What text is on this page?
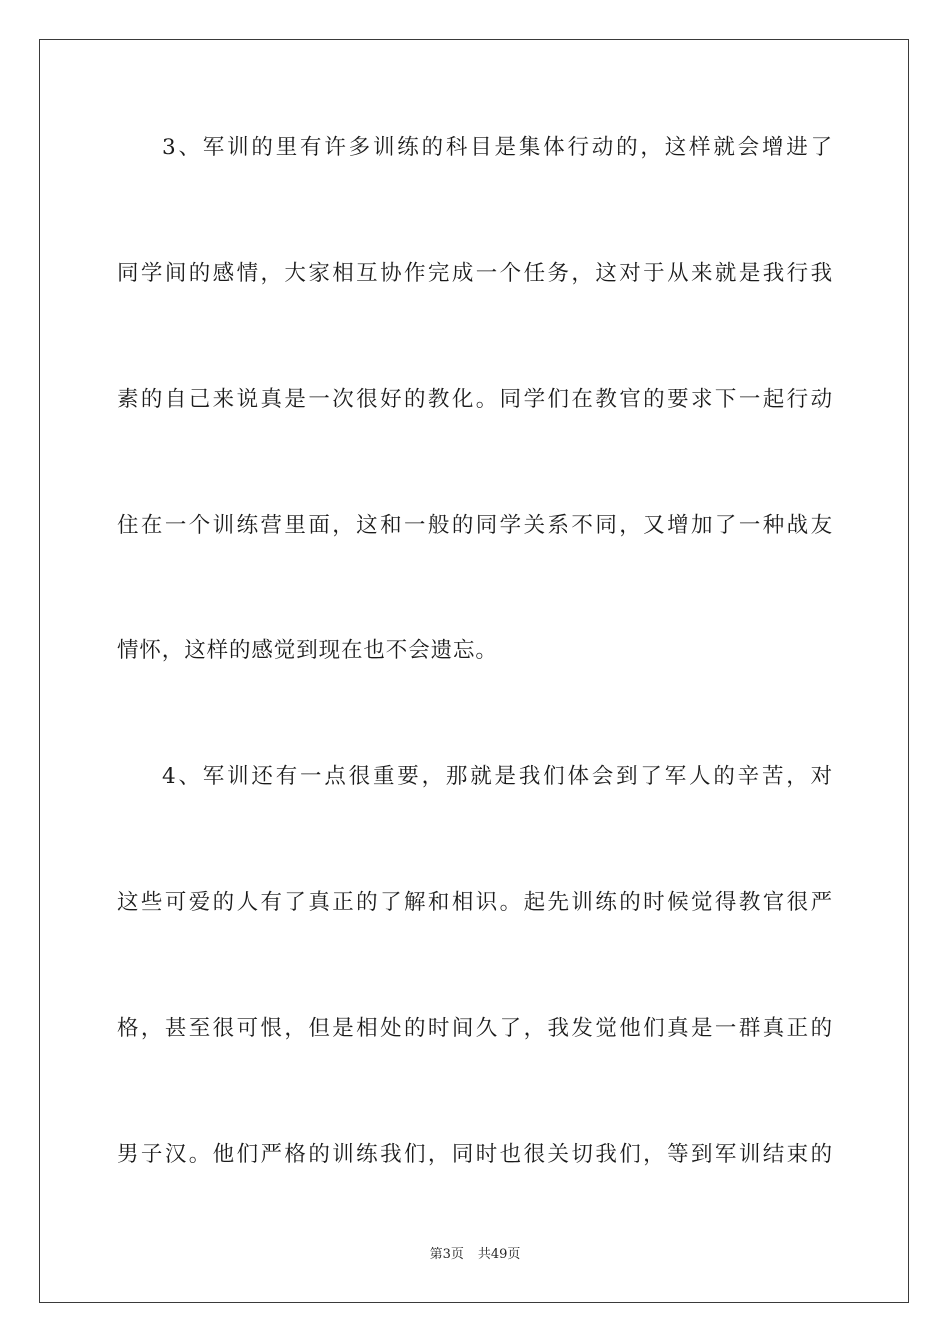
3、军训的里有许多训练的科目是集体行动的，这样就会增进了
同学间的感情，大家相互协作完成一个任务，这对于从来就是我行我
素的自己来说真是一次很好的教化。同学们在教官的要求下一起行动
住在一个训练营里面，这和一般的同学关系不同，又增加了一种战友
情怀，这样的感觉到现在也不会遗忘。
4、军训还有一点很重要，那就是我们体会到了军人的辛苦，对
这些可爱的人有了真正的了解和相识。起先训练的时候觉得教官很严
格，甚至很可恨，但是相处的时间久了，我发觉他们真是一群真正的
男子汉。他们严格的训练我们，同时也很关切我们，等到军训结束的
第3页 共49页
